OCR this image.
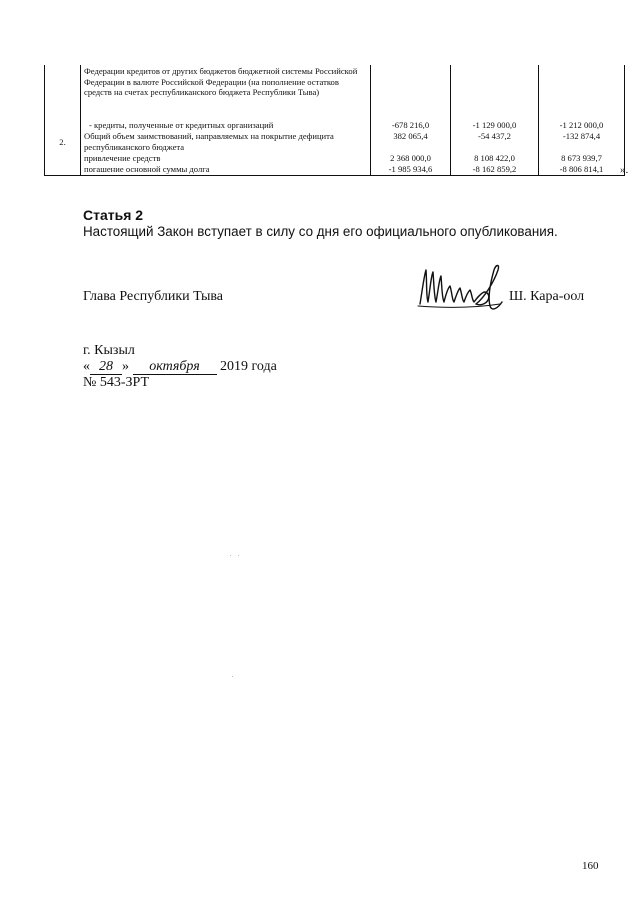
	Федерации кредитов от других бюджетов бюджетной системы Российской Федерации в валюте Российской Федерации (на пополнение остатков средств на счетах республиканского бюджета Республики Тыва)			
	- кредиты, полученные от кредитных организаций	-678 216,0	-1 129 000,0	-1 212 000,0
2.	Общий объем заимствований, направляемых на покрытие дефицита республиканского бюджета	382 065,4	-54 437,2	-132 874,4
	привлечение средств	2 368 000,0	8 108 422,0	8 673 939,7
	погашение основной суммы долга	-1 985 934,6	-8 162 859,2	-8 806 814,1 ».
Статья 2

Настоящий Закон вступает в силу со дня его официального опубликования.

Глава Республики Тыва	Ш. Кара-оол
г. Кызыл
« 28 » октября 2019 года
№ 543-ЗРТ
160
